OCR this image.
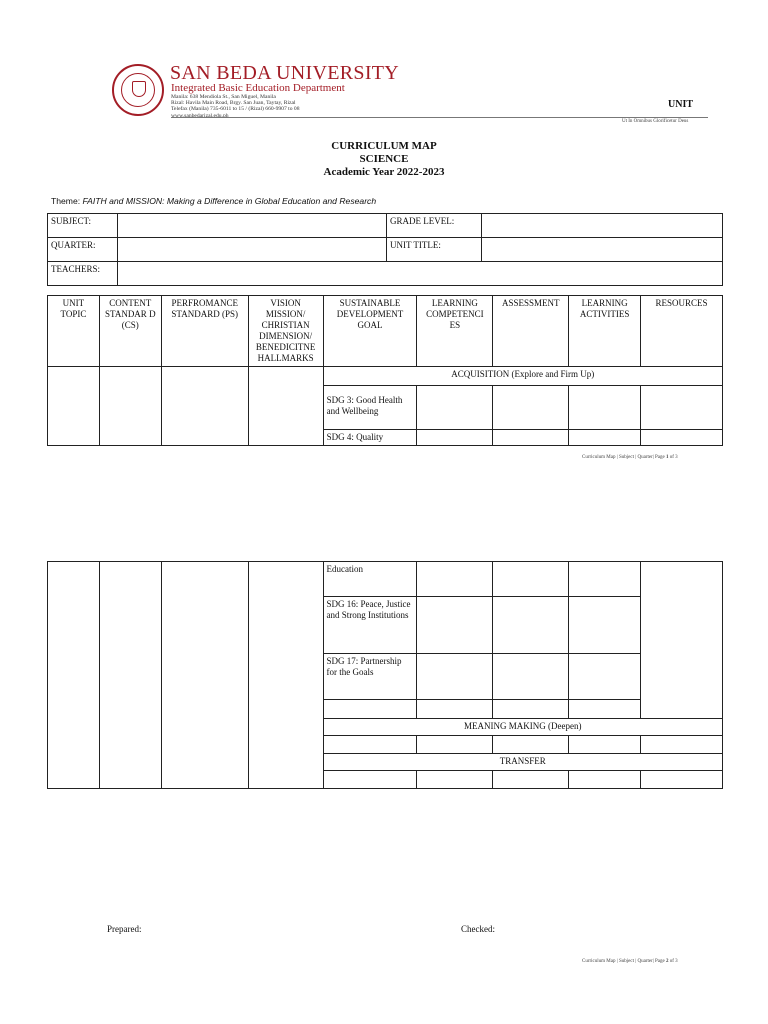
SAN BEDA UNIVERSITY
Integrated Basic Education Department
Manila: 638 Mendiola St., San Miguel, Manila
Rizal: Havila Main Road, Brgy. San Juan, Taytay, Rizal
Telefax (Manila) 735-6011 to 15 / (Rizal) 660-9907 to 08
www.sanbedarizal.edu.ph
UNIT
Ut In Omnibus Glorificetur Deus
CURRICULUM MAP
SCIENCE
Academic Year 2022-2023
Theme: FAITH and MISSION: Making a Difference in Global Education and Research
SUBJECT:		GRADE LEVEL:	
QUARTER:		UNIT TITLE:	
TEACHERS:			
UNIT TOPIC	CONTENT STANDAR D (CS)	PERFROMANCE STANDARD (PS)	VISION MISSION/ CHRISTIAN DIMENSION/ BENEDICITNE HALLMARKS	SUSTAINABLE DEVELOPMENT GOAL	LEARNING COMPETENCI ES	ASSESSMENT	LEARNING ACTIVITIES	RESOURCES
				ACQUISITION (Explore and Firm Up)				

				SDG 3: Good Health and Wellbeing				

				SDG 4: Quality				
Curriculum Map | Subject | Quarter| Page 1 of 3
				Education				
				SDG 16: Peace, Justice and Strong Institutions				
				SDG 17: Partnership for the Goals				

				MEANING MAKING (Deepen)				

				TRANSFER				

Prepared:	Checked:
Curriculum Map | Subject | Quarter| Page 2 of 3
